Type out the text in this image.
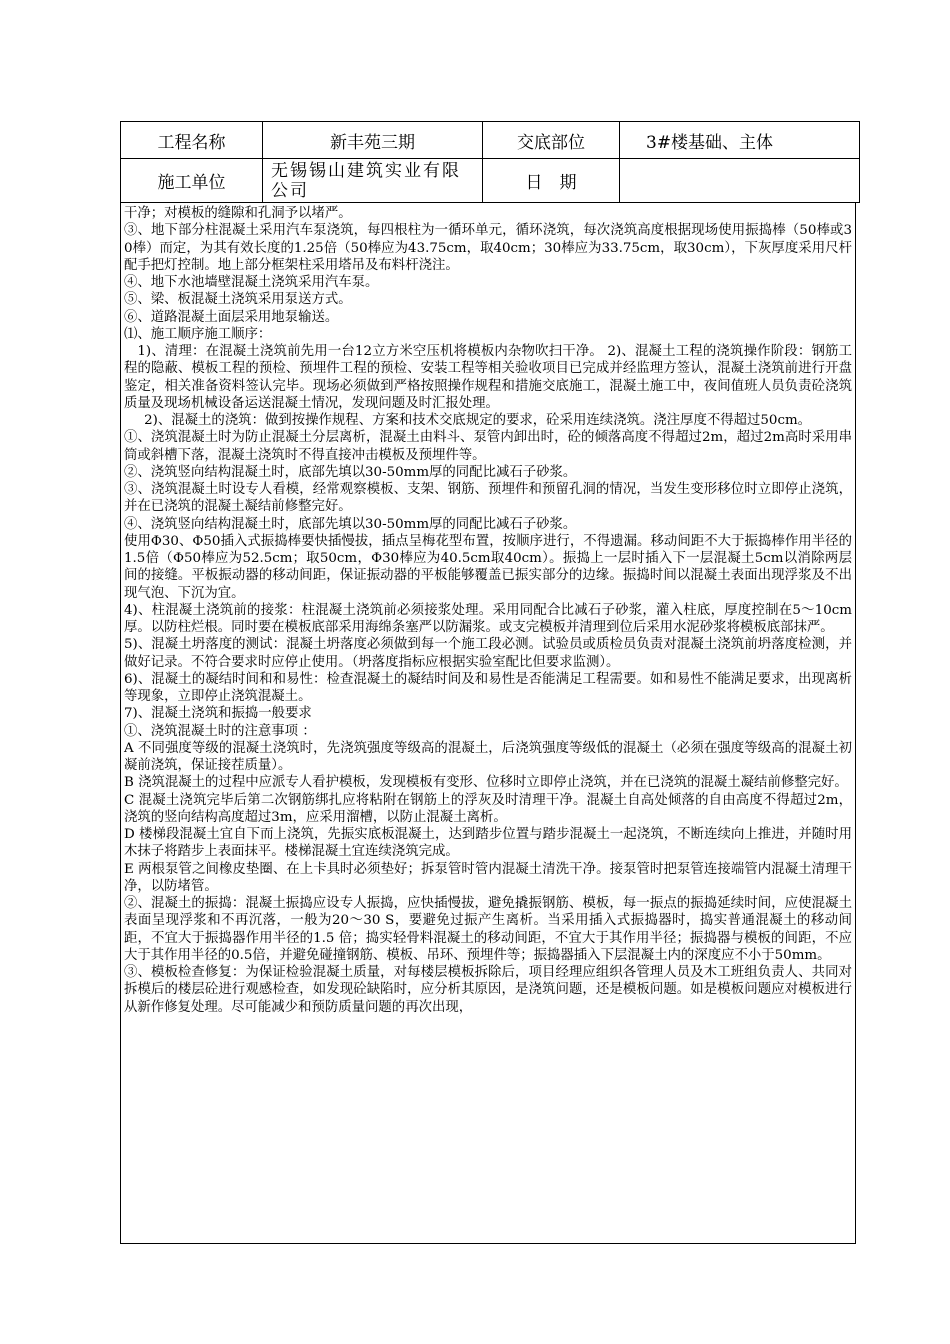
工程名称	新丰苑三期	交底部位	3#楼基础、主体
施工单位	无锡锡山建筑实业有限公司	日　期	

干净；对模板的缝隙和孔洞予以堵严。

③、地下部分柱混凝土采用汽车泵浇筑，每四根柱为一循环单元，循环浇筑，每次浇筑高度根据现场使用振捣棒（50棒或30棒）而定，为其有效长度的1.25倍（50棒应为43.75cm，取40cm；30棒应为33.75cm，取30cm），下灰厚度采用尺杆配手把灯控制。地上部分框架柱采用塔吊及布料杆浇注。

④、地下水池墙壁混凝土浇筑采用汽车泵。

⑤、梁、板混凝土浇筑采用泵送方式。

⑥、道路混凝土面层采用地泵输送。

⑴、施工顺序施工顺序：

1)、清理：在混凝土浇筑前先用一台12立方米空压机将模板内杂物吹扫干净。 2)、混凝土工程的浇筑操作阶段：钢筋工程的隐蔽、模板工程的预检、预埋件工程的预检、安装工程等相关验收项目已完成并经监理方签认，混凝土浇筑前进行开盘鉴定，相关准备资料签认完毕。现场必须做到严格按照操作规程和措施交底施工，混凝土施工中，夜间值班人员负责砼浇筑质量及现场机械设备运送混凝土情况，发现问题及时汇报处理。

2)、混凝土的浇筑：做到按操作规程、方案和技术交底规定的要求，砼采用连续浇筑。浇注厚度不得超过50cm。

①、浇筑混凝土时为防止混凝土分层离析，混凝土由料斗、泵管内卸出时，砼的倾落高度不得超过2m，超过2m高时采用串筒或斜槽下落，混凝土浇筑时不得直接冲击模板及预埋件等。

②、浇筑竖向结构混凝土时，底部先填以30-50mm厚的同配比减石子砂浆。

③、浇筑混凝土时设专人看模，经常观察模板、支架、钢筋、预埋件和预留孔洞的情况，当发生变形移位时立即停止浇筑，并在已浇筑的混凝土凝结前修整完好。

④、浇筑竖向结构混凝土时，底部先填以30-50mm厚的同配比减石子砂浆。

使用Φ30、Φ50插入式振捣棒要快插慢拔，插点呈梅花型布置，按顺序进行，不得遗漏。移动间距不大于振捣棒作用半径的1.5倍（Φ50棒应为52.5cm；取50cm，Φ30棒应为40.5cm取40cm）。振捣上一层时插入下一层混凝土5cm以消除两层间的接缝。平板振动器的移动间距，保证振动器的平板能够覆盖已振实部分的边缘。振捣时间以混凝土表面出现浮浆及不出现气泡、下沉为宜。

4)、柱混凝土浇筑前的接浆：柱混凝土浇筑前必须接浆处理。采用同配合比减石子砂浆，灌入柱底，厚度控制在5～10cm厚。以防柱烂根。同时要在模板底部采用海绵条塞严以防漏浆。或支完模板并清理到位后采用水泥砂浆将模板底部抹严。

5)、混凝土坍落度的测试：混凝土坍落度必须做到每一个施工段必测。试验员或质检员负责对混凝土浇筑前坍落度检测，并做好记录。不符合要求时应停止使用。（坍落度指标应根据实验室配比但要求监测）。

6)、混凝土的凝结时间和和易性：检查混凝土的凝结时间及和易性是否能满足工程需要。如和易性不能满足要求，出现离析等现象，立即停止浇筑混凝土。

7)、混凝土浇筑和振捣一般要求

①、浇筑混凝土时的注意事项 ：

A 不同强度等级的混凝土浇筑时，先浇筑强度等级高的混凝土，后浇筑强度等级低的混凝土（必须在强度等级高的混凝土初凝前浇筑，保证接茬质量）。

B 浇筑混凝土的过程中应派专人看护模板，发现模板有变形、位移时立即停止浇筑，并在已浇筑的混凝土凝结前修整完好。

C 混凝土浇筑完毕后第二次钢筋绑扎应将粘附在钢筋上的浮灰及时清理干净。混凝土自高处倾落的自由高度不得超过2m，浇筑的竖向结构高度超过3m，应采用溜槽，以防止混凝土离析。

D 楼梯段混凝土宜自下而上浇筑，先振实底板混凝土，达到踏步位置与踏步混凝土一起浇筑，不断连续向上推进，并随时用木抹子将踏步上表面抹平。楼梯混凝土宜连续浇筑完成。

E 两根泵管之间橡皮垫圈、在上卡具时必须垫好；拆泵管时管内混凝土清洗干净。接泵管时把泵管连接端管内混凝土清理干净，以防堵管。

②、混凝土的振捣：混凝土振捣应设专人振捣，应快插慢拔，避免撬振钢筋、模板，每一振点的振捣延续时间，应使混凝土表面呈现浮浆和不再沉落，一般为20～30 S，要避免过振产生离析。当采用插入式振捣器时，捣实普通混凝土的移动间距，不宜大于振捣器作用半径的1.5 倍；捣实轻骨料混凝土的移动间距，不宜大于其作用半径；振捣器与模板的间距，不应大于其作用半径的0.5倍，并避免碰撞钢筋、模板、吊环、预埋件等；振捣器插入下层混凝土内的深度应不小于50mm。

③、模板检查修复：为保证检验混凝土质量，对每楼层模板拆除后，项目经理应组织各管理人员及木工班组负责人、共同对拆模后的楼层砼进行观感检查，如发现砼缺陷时，应分析其原因，是浇筑问题，还是模板问题。如是模板问题应对模板进行从新作修复处理。尽可能减少和预防质量问题的再次出现，
